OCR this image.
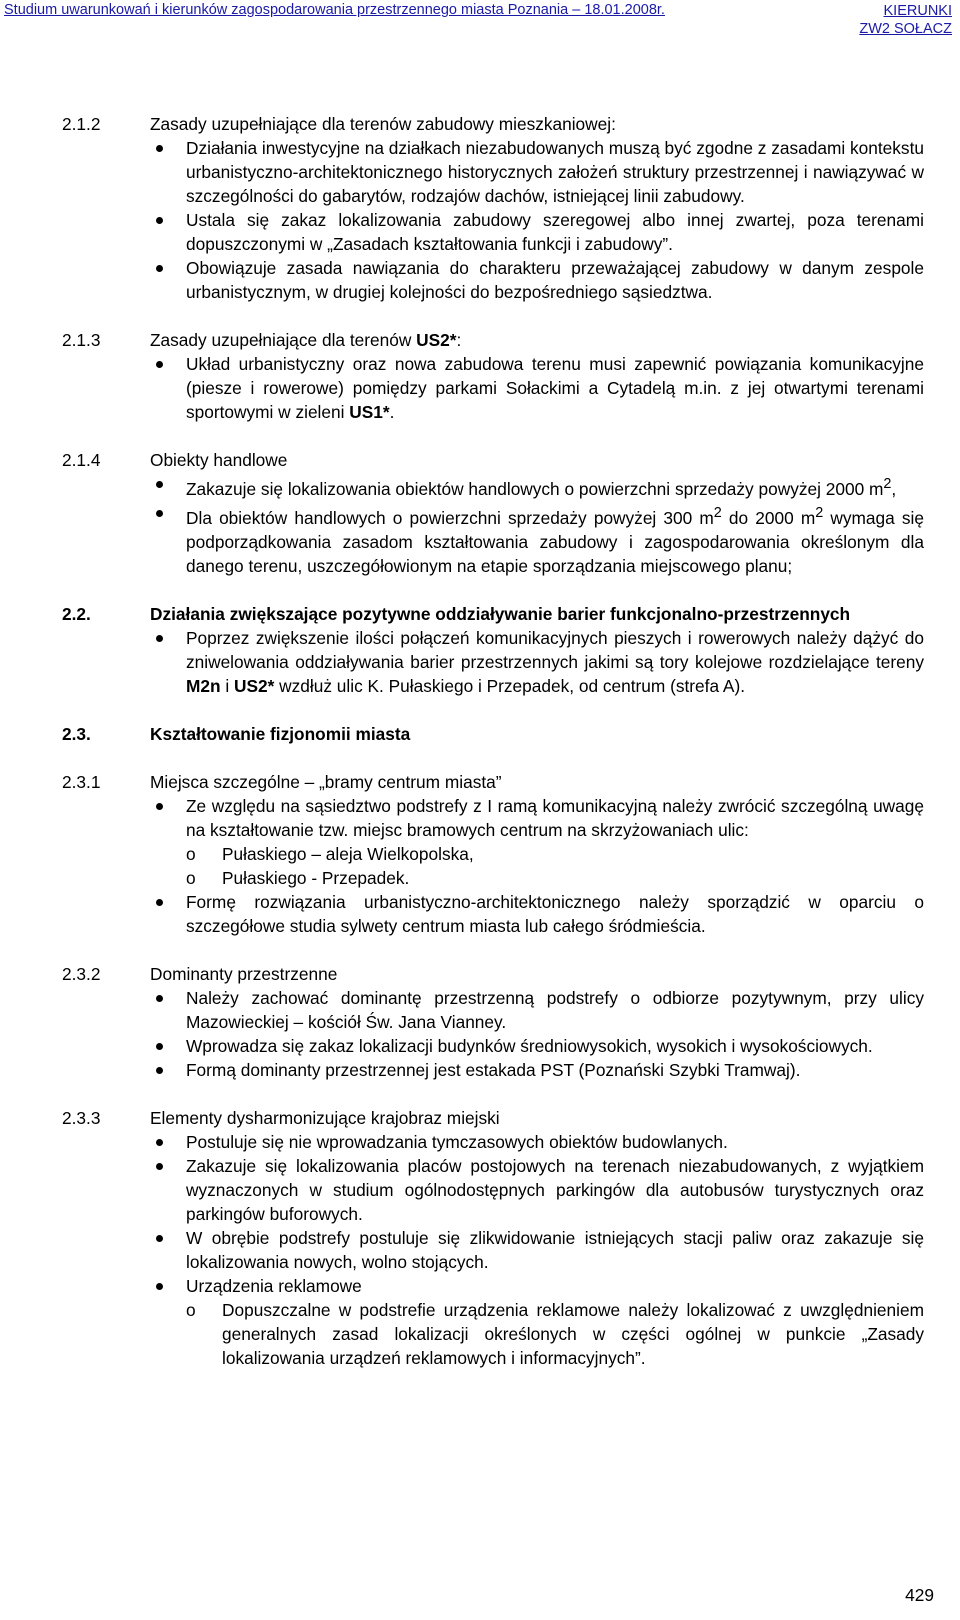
Studium uwarunkowań i kierunków zagospodarowania przestrzennego miasta Poznania – 18.01.2008r.	KIERUNKI
ZW2 SOŁACZ
2.1.2	Zasady uzupełniające dla terenów zabudowy mieszkaniowej:
Działania inwestycyjne na działkach niezabudowanych muszą być zgodne z zasadami kontekstu urbanistyczno-architektonicznego historycznych założeń struktury przestrzennej i nawiązywać w szczególności do gabarytów, rodzajów dachów, istniejącej linii zabudowy.
Ustala się zakaz lokalizowania zabudowy szeregowej albo innej zwartej, poza terenami dopuszczonymi w „Zasadach kształtowania funkcji i zabudowy”.
Obowiązuje zasada nawiązania do charakteru przeważającej zabudowy w danym zespole urbanistycznym, w drugiej kolejności do bezpośredniego sąsiedztwa.
2.1.3	Zasady uzupełniające dla terenów US2*:
Układ urbanistyczny oraz nowa zabudowa terenu musi zapewnić powiązania komunikacyjne (piesze i rowerowe) pomiędzy parkami Sołackimi a Cytadelą m.in. z jej otwartymi terenami sportowymi w zieleni US1*.
2.1.4	Obiekty handlowe
Zakazuje się lokalizowania obiektów handlowych o powierzchni sprzedaży powyżej 2000 $m^2$,
Dla obiektów handlowych o powierzchni sprzedaży powyżej 300 $m^2$ do 2000 $m^2$ wymaga się podporządkowania zasadom kształtowania zabudowy i zagospodarowania określonym dla danego terenu, uszczegółowionym na etapie sporządzania miejscowego planu;
2.2.	Działania zwiększające pozytywne oddziaływanie barier funkcjonalno-przestrzennych
Poprzez zwiększenie ilości połączeń komunikacyjnych pieszych i rowerowych należy dążyć do zniwelowania oddziaływania barier przestrzennych jakimi są tory kolejowe rozdzielające tereny M2n i US2* wzdłuż ulic K. Pułaskiego i Przepadek, od centrum (strefa A).
2.3.	Kształtowanie fizjonomii miasta
2.3.1	Miejsca szczególne – „bramy centrum miasta”
Ze względu na sąsiedztwo podstrefy z I ramą komunikacyjną należy zwrócić szczególną uwagę na kształtowanie tzw. miejsc bramowych centrum na skrzyżowaniach ulic:
o Pułaskiego – aleja Wielkopolska,
o Pułaskiego - Przepadek.
Formę rozwiązania urbanistyczno-architektonicznego należy sporządzić w oparciu o szczegółowe studia sylwety centrum miasta lub całego śródmieścia.
2.3.2	Dominanty przestrzenne
Należy zachować dominantę przestrzenną podstrefy o odbiorze pozytywnym, przy ulicy Mazowieckiej – kościół Św. Jana Vianney.
Wprowadza się zakaz lokalizacji budynków średniowysokich, wysokich i wysokościowych.
Formą dominanty przestrzennej jest estakada PST (Poznański Szybki Tramwaj).
2.3.3	Elementy dysharmonizujące krajobraz miejski
Postuluje się nie wprowadzania tymczasowych obiektów budowlanych.
Zakazuje się lokalizowania placów postojowych na terenach niezabudowanych, z wyjątkiem wyznaczonych w studium ogólnodostępnych parkingów dla autobusów turystycznych oraz parkingów buforowych.
W obrębie podstrefy postuluje się zlikwidowanie istniejących stacji paliw oraz zakazuje się lokalizowania nowych, wolno stojących.
Urządzenia reklamowe
o Dopuszczalne w podstrefie urządzenia reklamowe należy lokalizować z uwzględnieniem generalnych zasad lokalizacji określonych w części ogólnej w punkcie „Zasady lokalizowania urządzeń reklamowych i informacyjnych”.
429
